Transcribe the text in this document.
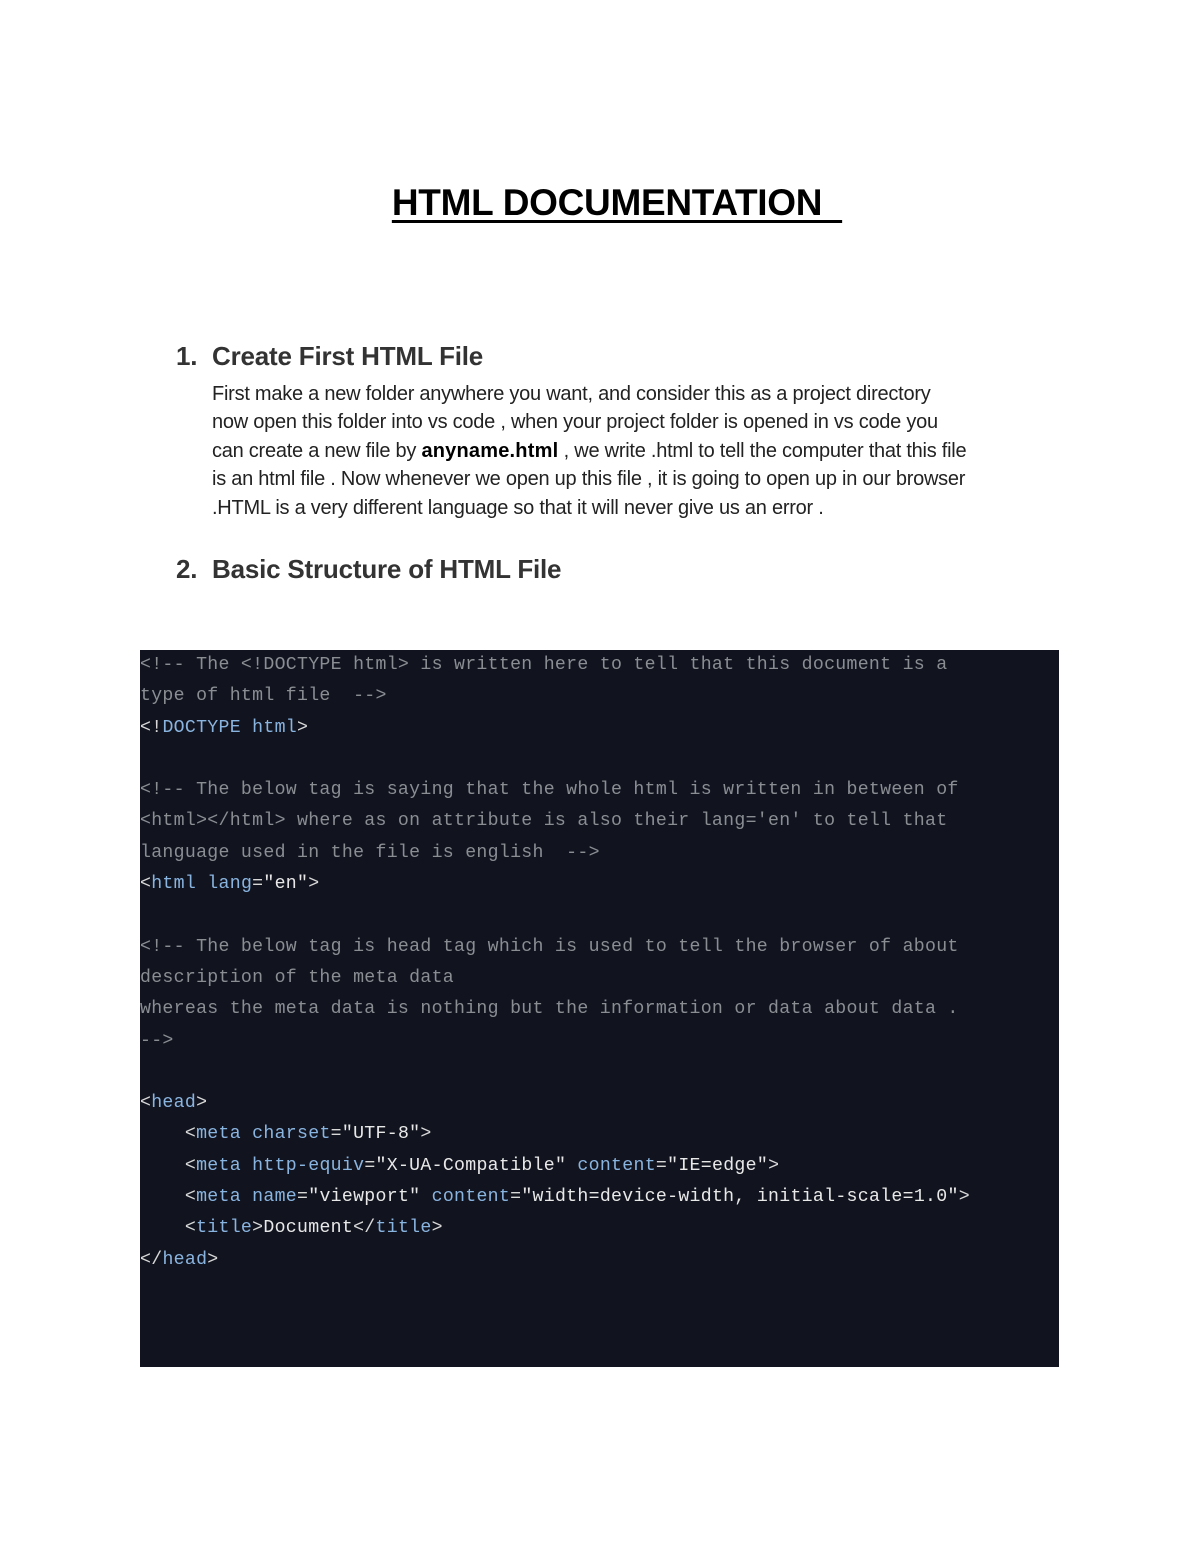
HTML DOCUMENTATION
1. Create First HTML File

First make a new folder anywhere you want, and consider this as a project directory

now open this folder into vs code , when your project folder is opened in vs code you

can create a new file by anyname.html , we write .html to tell the computer that this file

is an html file . Now whenever we open up this file , it is going to open up in our browser

.HTML is a very different language so that it will never give us an error .

2. Basic Structure of HTML File
<!-- The <!DOCTYPE html> is written here to tell that this document is a
type of html file  -->
<!DOCTYPE html>
<!-- The below tag is saying that the whole html is written in between of
<html></html> where as on attribute is also their lang='en' to tell that
language used in the file is english  -->
<html lang="en">
<!-- The below tag is head tag which is used to tell the browser of about
description of the meta data
whereas the meta data is nothing but the information or data about data .
-->
<head>
<meta charset="UTF-8">
<meta http-equiv="X-UA-Compatible" content="IE=edge">
<meta name="viewport" content="width=device-width, initial-scale=1.0">
<title>Document</title>
</head>
